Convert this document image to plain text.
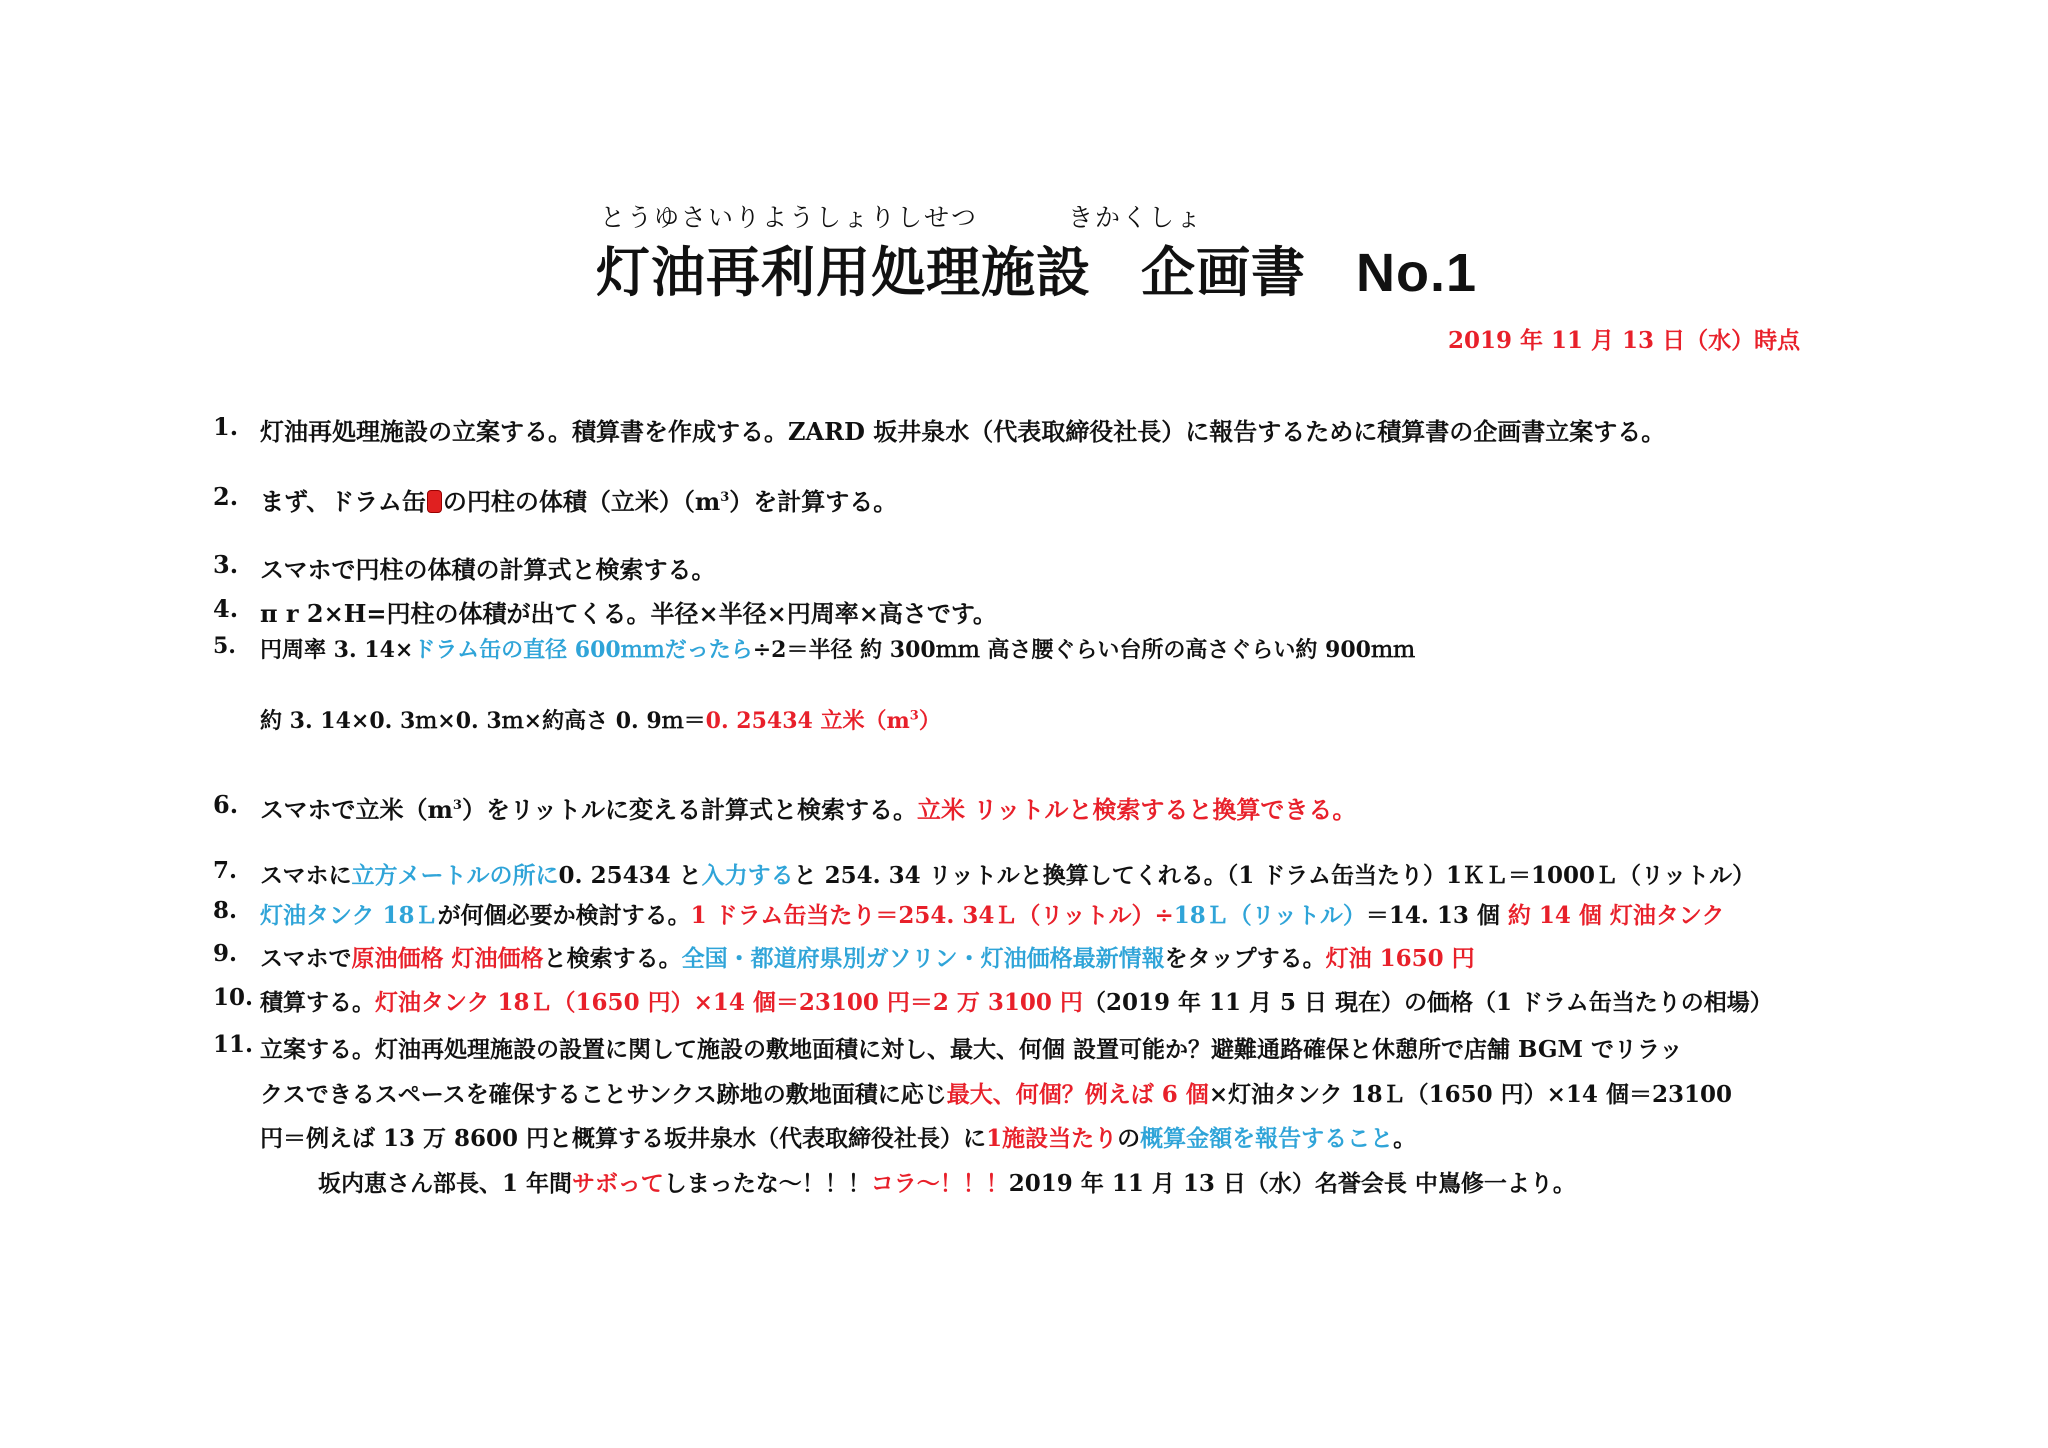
とうゆさいりようしょりしせつ	きかくしょ
灯油再利用処理施設 企画書 No.1
2019 年 11 月 13 日（水）時点
1. 灯油再処理施設の立案する。積算書を作成する。ZARD 坂井泉水（代表取締役社長）に報告するために積算書の企画書立案する。
2. まず、ドラム缶 の円柱の体積（立米）$(m^3)$を計算する。
3. スマホで円柱の体積の計算式と検索する。
4. π r 2×H=円柱の体積が出てくる。半径×半径×円周率×高さです。
5. 円周率 3. 14×ドラム缶の直径 600ｍｍだったら÷2＝半径 約 300ｍｍ 高さ腰ぐらい台所の高さぐらい約 900ｍｍ
約 3. 14×0. 3ｍ×0. 3ｍ×約高さ 0. 9ｍ＝0. 25434 立米$(m^3)$
6. スマホで立米$(m^3)$をリットルに変える計算式と検索する。立米 リットルと検索すると換算できる。
7. スマホに立方メートルの所に0. 25434 と入力すると 254. 34 リットルと換算してくれる。（1 ドラム缶当たり）1ＫＬ＝1000Ｌ（リットル）
8. 灯油タンク 18Ｌが何個必要か検討する。1 ドラム缶当たり＝254. 34Ｌ（リットル）÷18Ｌ（リットル）＝14. 13 個 約 14 個 灯油タンク
9. スマホで原油価格 灯油価格と検索する。全国・都道府県別ガソリン・灯油価格最新情報をタップする。灯油 1650 円
10. 積算する。灯油タンク 18Ｌ（1650 円）×14 個＝23100 円＝2 万 3100 円（2019 年 11 月 5 日 現在）の価格（1 ドラム缶当たりの相場）
11. 立案する。灯油再処理施設の設置に関して施設の敷地面積に対し、最大、何個 設置可能か？避難通路確保と休憩所で店舗 BGM でリラッ
クスできるスペースを確保することサンクス跡地の敷地面積に応じ最大、何個？例えば 6 個×灯油タンク 18Ｌ（1650 円）×14 個＝23100
円＝例えば 13 万 8600 円と概算する坂井泉水（代表取締役社長）に1施設当たりの概算金額を報告すること。
坂内恵さん部長、1 年間サボってしまったな～！！！コラ～！！！2019 年 11 月 13 日（水）名誉会長 中嶌修一より。
